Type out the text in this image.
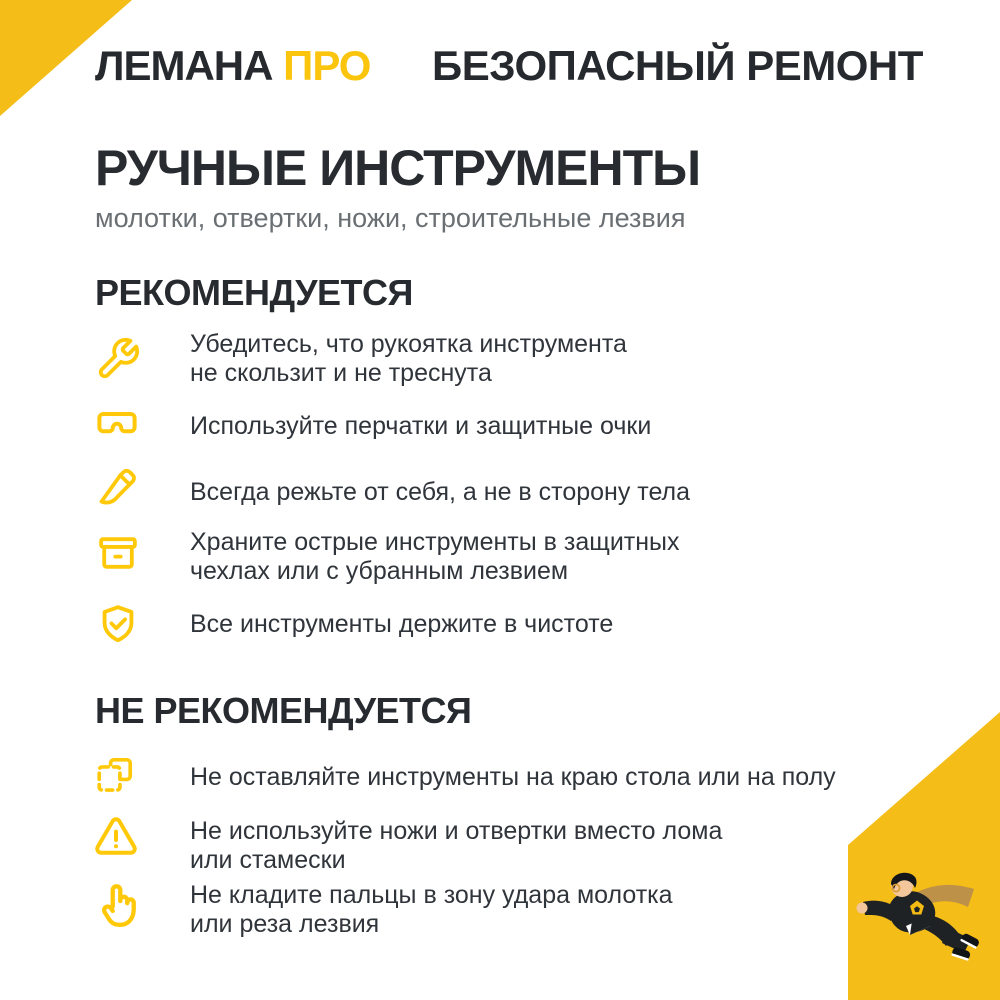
ЛЕМАНА ПРО БЕЗОПАСНЫЙ РЕМОНТ
РУЧНЫЕ ИНСТРУМЕНТЫ
молотки, отвертки, ножи, строительные лезвия
РЕКОМЕНДУЕТСЯ
Убедитесь, что рукоятка инструмента
не скользит и не треснута
Используйте перчатки и защитные очки
Всегда режьте от себя, а не в сторону тела
Храните острые инструменты в защитных
чехлах или с убранным лезвием
Все инструменты держите в чистоте
НЕ РЕКОМЕНДУЕТСЯ
Не оставляйте инструменты на краю стола или на полу
Не используйте ножи и отвертки вместо лома
или стамески
Не кладите пальцы в зону удара молотка
или реза лезвия
